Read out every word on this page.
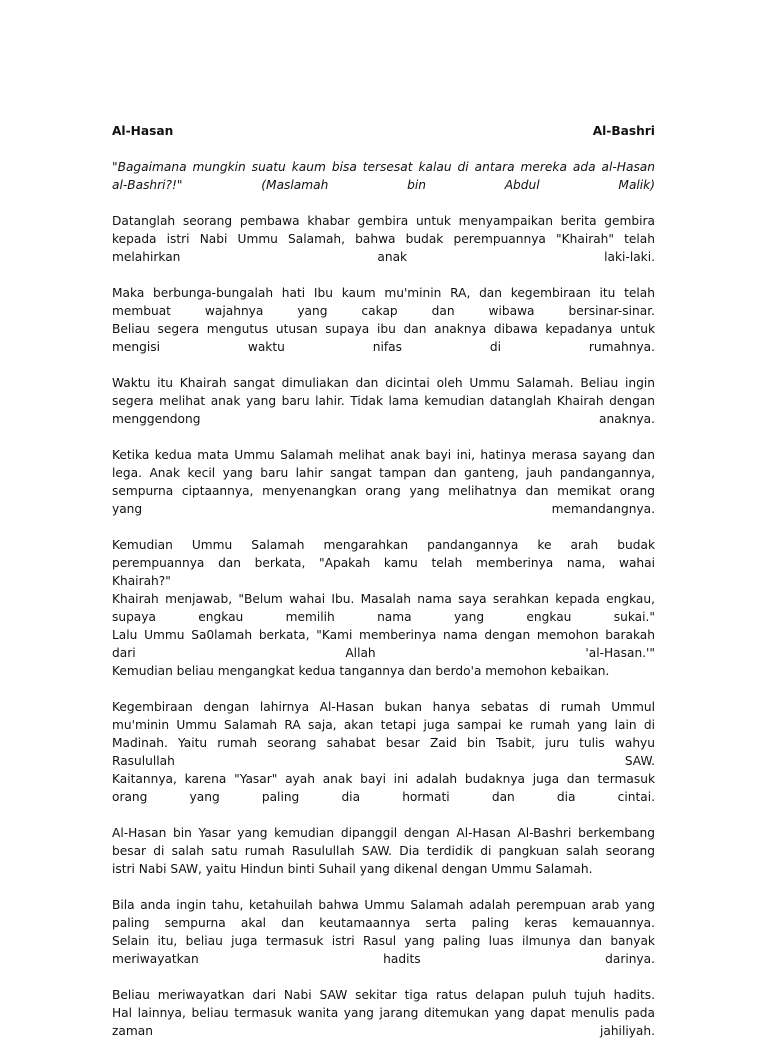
Al-Hasan	Al-Bashri
"Bagaimana mungkin suatu kaum bisa tersesat kalau di antara mereka ada al-Hasan
al-Bashri?!" (Maslamah bin Abdul Malik)
Datanglah seorang pembawa khabar gembira untuk menyampaikan berita gembira
kepada istri Nabi Ummu Salamah, bahwa budak perempuannya "Khairah" telah
melahirkan anak laki-laki.
Maka berbunga-bungalah hati Ibu kaum mu'minin RA, dan kegembiraan itu telah
membuat wajahnya yang cakap dan wibawa bersinar-sinar.
Beliau segera mengutus utusan supaya ibu dan anaknya dibawa kepadanya untuk
mengisi waktu nifas di rumahnya.
Waktu itu Khairah sangat dimuliakan dan dicintai oleh Ummu Salamah. Beliau ingin
segera melihat anak yang baru lahir. Tidak lama kemudian datanglah Khairah dengan
menggendong anaknya.
Ketika kedua mata Ummu Salamah melihat anak bayi ini, hatinya merasa sayang dan
lega. Anak kecil yang baru lahir sangat tampan dan ganteng, jauh pandangannya,
sempurna ciptaannya, menyenangkan orang yang melihatnya dan memikat orang
yang memandangnya.
Kemudian Ummu Salamah mengarahkan pandangannya ke arah budak
perempuannya dan berkata, "Apakah kamu telah memberinya nama, wahai
Khairah?"
Khairah menjawab, "Belum wahai Ibu. Masalah nama saya serahkan kepada engkau,
supaya engkau memilih nama yang engkau sukai."
Lalu Ummu Sa0lamah berkata, "Kami memberinya nama dengan memohon barakah
dari Allah 'al-Hasan.'"
Kemudian beliau mengangkat kedua tangannya dan berdo'a memohon kebaikan.
Kegembiraan dengan lahirnya Al-Hasan bukan hanya sebatas di rumah Ummul
mu'minin Ummu Salamah RA saja, akan tetapi juga sampai ke rumah yang lain di
Madinah. Yaitu rumah seorang sahabat besar Zaid bin Tsabit, juru tulis wahyu
Rasulullah SAW.
Kaitannya, karena "Yasar" ayah anak bayi ini adalah budaknya juga dan termasuk
orang yang paling dia hormati dan dia cintai.
Al-Hasan bin Yasar yang kemudian dipanggil dengan Al-Hasan Al-Bashri berkembang
besar di salah satu rumah Rasulullah SAW. Dia terdidik di pangkuan salah seorang
istri Nabi SAW, yaitu Hindun binti Suhail yang dikenal dengan Ummu Salamah.
Bila anda ingin tahu, ketahuilah bahwa Ummu Salamah adalah perempuan arab yang
paling sempurna akal dan keutamaannya serta paling keras kemauannya.
Selain itu, beliau juga termasuk istri Rasul yang paling luas ilmunya dan banyak
meriwayatkan hadits darinya.
Beliau meriwayatkan dari Nabi SAW sekitar tiga ratus delapan puluh tujuh hadits.
Hal lainnya, beliau termasuk wanita yang jarang ditemukan yang dapat menulis pada
zaman jahiliyah.
